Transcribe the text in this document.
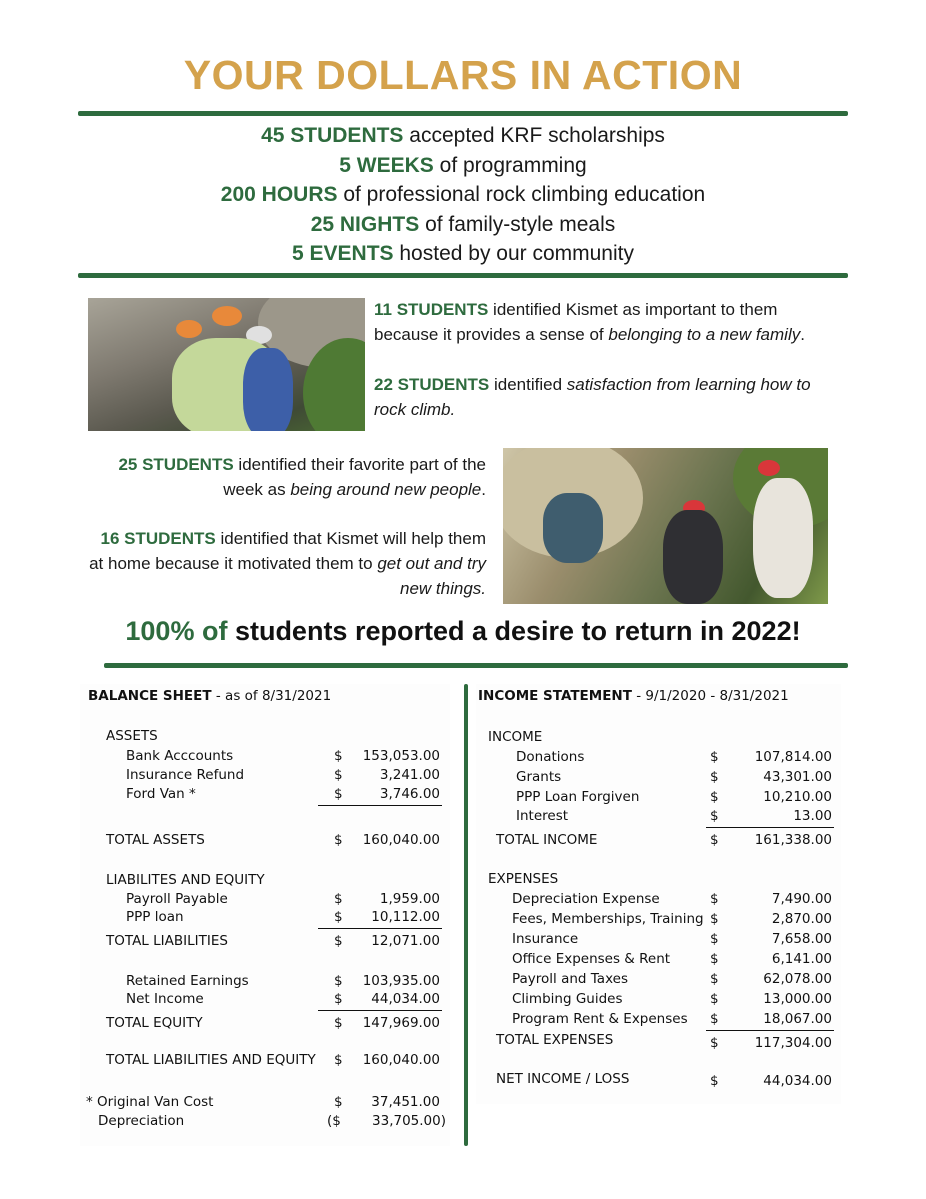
YOUR DOLLARS IN ACTION
45 STUDENTS accepted KRF scholarships
5 WEEKS of programming
200 HOURS of professional rock climbing education
25 NIGHTS of family-style meals
5 EVENTS hosted by our community
11 STUDENTS identified Kismet as important to them because it provides a sense of belonging to a new family.
22 STUDENTS identified satisfaction from learning how to rock climb.
25 STUDENTS identified their favorite part of the week as being around new people.
16 STUDENTS identified that Kismet will help them at home because it motivated them to get out and try new things.
100% of students reported a desire to return in 2022!
BALANCE SHEET - as of 8/31/2021
ASSETS
Bank Acccounts	$	153,053.00
Insurance Refund	$	3,241.00
Ford Van *	$	3,746.00
TOTAL ASSETS	$	160,040.00
LIABILITES AND EQUITY
Payroll Payable	$	1,959.00
PPP loan	$	10,112.00
TOTAL LIABILITIES	$	12,071.00
Retained Earnings	$	103,935.00
Net Income	$	44,034.00
TOTAL EQUITY	$	147,969.00
TOTAL LIABILITIES AND EQUITY $	160,040.00
* Original Van Cost	$	37,451.00
Depreciation	($	33,705.00)
INCOME STATEMENT - 9/1/2020 - 8/31/2021
INCOME
Donations	$	107,814.00
Grants	$	43,301.00
PPP Loan Forgiven	$	10,210.00
Interest	$	13.00
TOTAL INCOME	$	161,338.00
EXPENSES
Depreciation Expense	$	7,490.00
Fees, Memberships, Training $	2,870.00
Insurance	$	7,658.00
Office Expenses & Rent	$	6,141.00
Payroll and Taxes	$	62,078.00
Climbing Guides	$	13,000.00
Program Rent & Expenses $	18,067.00
TOTAL EXPENSES	$	117,304.00
NET INCOME / LOSS	$	44,034.00
